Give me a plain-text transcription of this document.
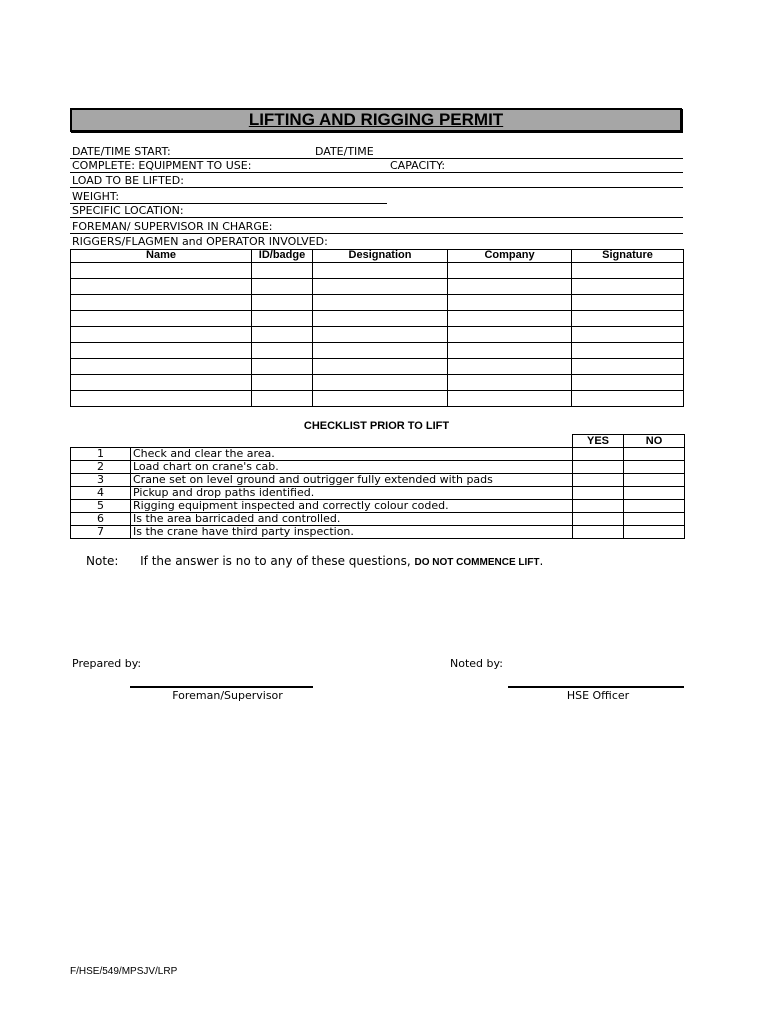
LIFTING AND RIGGING PERMIT
DATE/TIME START:	DATE/TIME
COMPLETE: EQUIPMENT TO USE:	CAPACITY:
LOAD TO BE LIFTED:
WEIGHT:
SPECIFIC LOCATION:
FOREMAN/ SUPERVISOR IN CHARGE:
RIGGERS/FLAGMEN and OPERATOR INVOLVED:
Name	ID/badge	Designation	Company	Signature

CHECKLIST PRIOR TO LIFT
		YES	NO
1	Check and clear the area.		
2	Load chart on crane's cab.		
3	Crane set on level ground and outrigger fully extended with pads		
4	Pickup and drop paths identified.		
5	Rigging equipment inspected and correctly colour coded.		
6	Is the area barricaded and controlled.		
7	Is the crane have third party inspection.		
Note: If the answer is no to any of these questions, DO NOT COMMENCE LIFT.
Prepared by:	Noted by:
Foreman/Supervisor	HSE Officer
F/HSE/549/MPSJV/LRP
